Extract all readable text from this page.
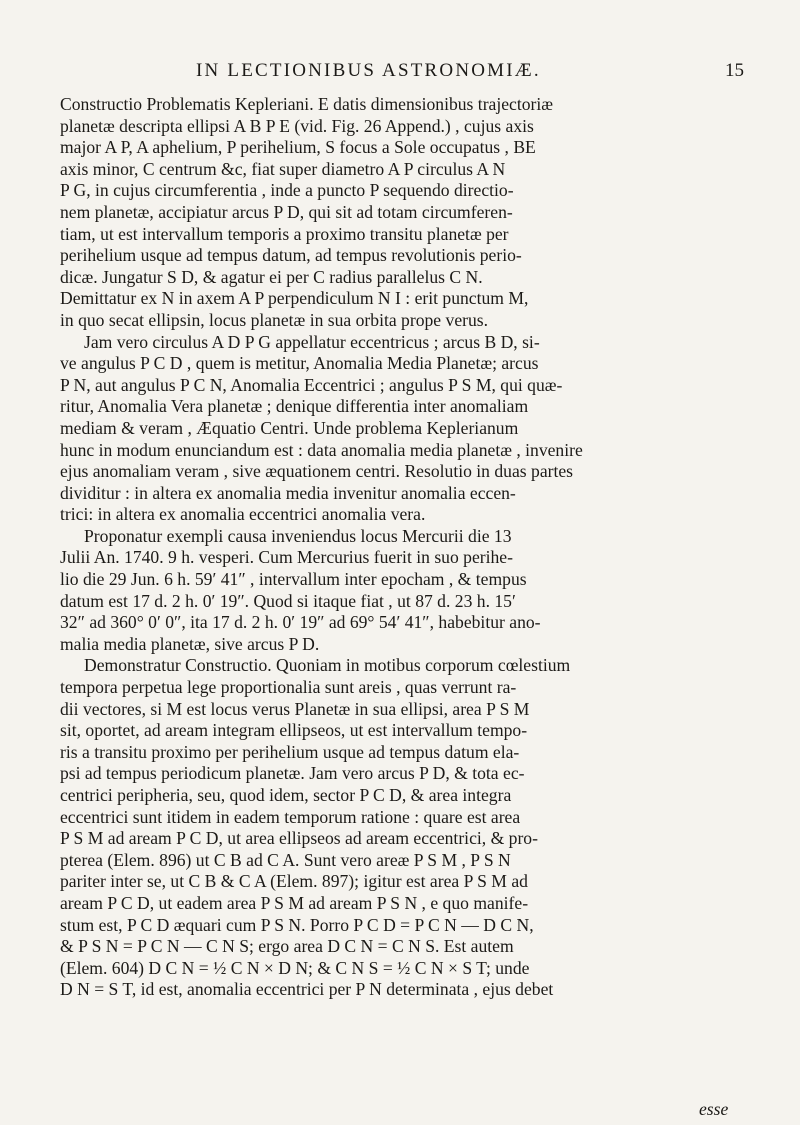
IN LECTIONIBUS ASTRONOMIÆ.	15
Constructio Problematis Kepleriani. E datis dimensionibus trajectoriæ
planetæ descripta ellipsi A B P E (vid. Fig. 26 Append.) , cujus axis
major A P, A aphelium, P perihelium, S focus a Sole occupatus , BE
axis minor, C centrum &c, fiat super diametro A P circulus A N
P G, in cujus circumferentia , inde a puncto P sequendo directio-
nem planetæ, accipiatur arcus P D, qui sit ad totam circumferen-
tiam, ut est intervallum temporis a proximo transitu planetæ per
perihelium usque ad tempus datum, ad tempus revolutionis perio-
dicæ. Jungatur S D, & agatur ei per C radius parallelus C N.
Demittatur ex N in axem A P perpendiculum N I : erit punctum M,
in quo secat ellipsin, locus planetæ in sua orbita prope verus.
Jam vero circulus A D P G appellatur eccentricus ; arcus B D, si-
ve angulus P C D , quem is metitur, Anomalia Media Planetæ; arcus
P N, aut angulus P C N, Anomalia Eccentrici ; angulus P S M, qui quæ-
ritur, Anomalia Vera planetæ ; denique differentia inter anomaliam
mediam & veram , Æquatio Centri. Unde problema Keplerianum
hunc in modum enunciandum est : data anomalia media planetæ , invenire
ejus anomaliam veram , sive æquationem centri. Resolutio in duas partes
dividitur : in altera ex anomalia media invenitur anomalia eccen-
trici: in altera ex anomalia eccentrici anomalia vera.
Proponatur exempli causa inveniendus locus Mercurii die 13
Julii An. 1740. 9 h. vesperi. Cum Mercurius fuerit in suo perihe-
lio die 29 Jun. 6 h. 59′ 41″ , intervallum inter epocham , & tempus
datum est 17 d. 2 h. 0′ 19″. Quod si itaque fiat , ut 87 d. 23 h. 15′
32″ ad 360° 0′ 0″, ita 17 d. 2 h. 0′ 19″ ad 69° 54′ 41″, habebitur ano-
malia media planetæ, sive arcus P D.
Demonstratur Constructio. Quoniam in motibus corporum cœlestium
tempora perpetua lege proportionalia sunt areis , quas verrunt ra-
dii vectores, si M est locus verus Planetæ in sua ellipsi, area P S M
sit, oportet, ad aream integram ellipseos, ut est intervallum tempo-
ris a transitu proximo per perihelium usque ad tempus datum ela-
psi ad tempus periodicum planetæ. Jam vero arcus P D, & tota ec-
centrici peripheria, seu, quod idem, sector P C D, & area integra
eccentrici sunt itidem in eadem temporum ratione : quare est area
P S M ad aream P C D, ut area ellipseos ad aream eccentrici, & pro-
pterea (Elem. 896) ut C B ad C A. Sunt vero areæ P S M , P S N
pariter inter se, ut C B & C A (Elem. 897); igitur est area P S M ad
aream P C D, ut eadem area P S M ad aream P S N , e quo manife-
stum est, P C D æquari cum P S N. Porro P C D = P C N — D C N,
& P S N = P C N — C N S; ergo area D C N = C N S. Est autem
(Elem. 604) D C N = ½ C N × D N; & C N S = ½ C N × S T; unde
D N = S T, id est, anomalia eccentrici per P N determinata , ejus debet
esse
